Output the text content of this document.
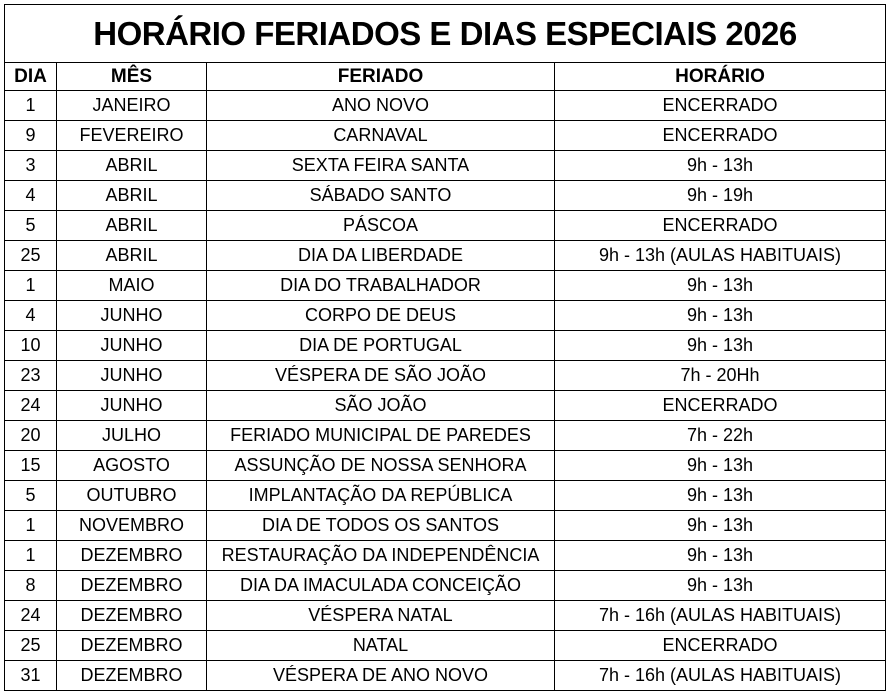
HORÁRIO FERIADOS E DIAS ESPECIAIS 2026			
DIA	MÊS	FERIADO	HORÁRIO
1	JANEIRO	ANO NOVO	ENCERRADO
9	FEVEREIRO	CARNAVAL	ENCERRADO
3	ABRIL	SEXTA FEIRA SANTA	9h - 13h
4	ABRIL	SÁBADO SANTO	9h - 19h
5	ABRIL	PÁSCOA	ENCERRADO
25	ABRIL	DIA DA LIBERDADE	9h - 13h (AULAS HABITUAIS)
1	MAIO	DIA DO TRABALHADOR	9h - 13h
4	JUNHO	CORPO DE DEUS	9h - 13h
10	JUNHO	DIA DE PORTUGAL	9h - 13h
23	JUNHO	VÉSPERA DE SÃO JOÃO	7h - 20Hh
24	JUNHO	SÃO JOÃO	ENCERRADO
20	JULHO	FERIADO MUNICIPAL DE PAREDES	7h - 22h
15	AGOSTO	ASSUNÇÃO DE NOSSA SENHORA	9h - 13h
5	OUTUBRO	IMPLANTAÇÃO DA REPÚBLICA	9h - 13h
1	NOVEMBRO	DIA DE TODOS OS SANTOS	9h - 13h
1	DEZEMBRO	RESTAURAÇÃO DA INDEPENDÊNCIA	9h - 13h
8	DEZEMBRO	DIA DA IMACULADA CONCEIÇÃO	9h - 13h
24	DEZEMBRO	VÉSPERA NATAL	7h - 16h (AULAS HABITUAIS)
25	DEZEMBRO	NATAL	ENCERRADO
31	DEZEMBRO	VÉSPERA DE ANO NOVO	7h - 16h (AULAS HABITUAIS)
